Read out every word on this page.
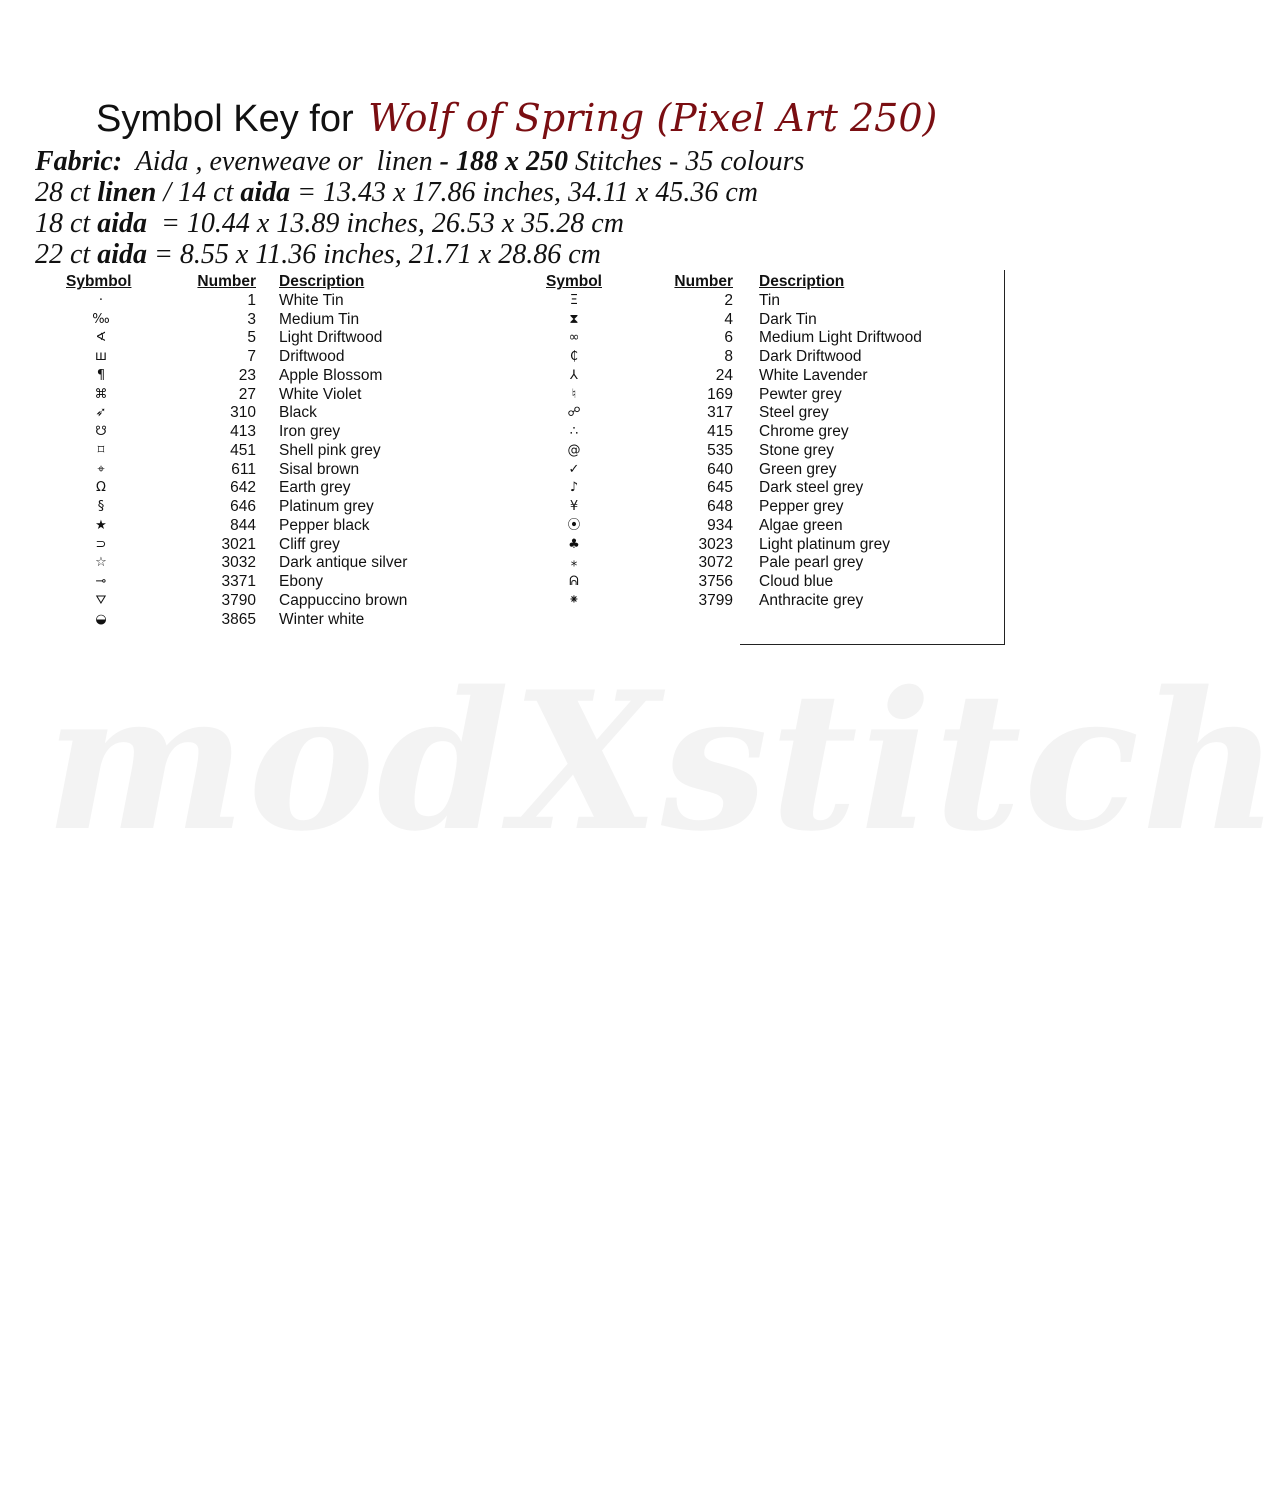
modXstitch
Symbol Key for Wolf of Spring (Pixel Art 250)
Fabric:  Aida , evenweave or  linen - 188 x 250 Stitches - 35 colours
28 ct linen / 14 ct aida = 13.43 x 17.86 inches, 34.11 x 45.36 cm
18 ct aida  = 10.44 x 13.89 inches, 26.53 x 35.28 cm
22 ct aida = 8.55 x 11.36 inches, 21.71 x 28.86 cm
Sybmbol	Number Description
·	1 White Tin
‰	3 Medium Tin
∢	5 Light Driftwood
ш	7 Driftwood
¶	23 Apple Blossom
⌘	27 White Violet
➶	310 Black
☋	413 Iron grey
⌑	451 Shell pink grey
⌖	611 Sisal brown
Ω	642 Earth grey
§	646 Platinum grey
★	844 Pepper black
⊃	3021 Cliff grey
☆	3032 Dark antique silver
⊸	3371 Ebony
⛛	3790 Cappuccino brown
◒	3865 Winter white
Symbol	Number Description
Ξ	2 Tin
⧗	4 Dark Tin
∞	6 Medium Light Driftwood
₵	8 Dark Driftwood
⅄	24 White Lavender
♮	169 Pewter grey
☍	317 Steel grey
∴	415 Chrome grey
@	535 Stone grey
✓	640 Green grey
♪	645 Dark steel grey
¥	648 Pepper grey
⦿	934 Algae green
♣	3023 Light platinum grey
⁎	3072 Pale pearl grey
ᕱ	3756 Cloud blue
⁕	3799 Anthracite grey
